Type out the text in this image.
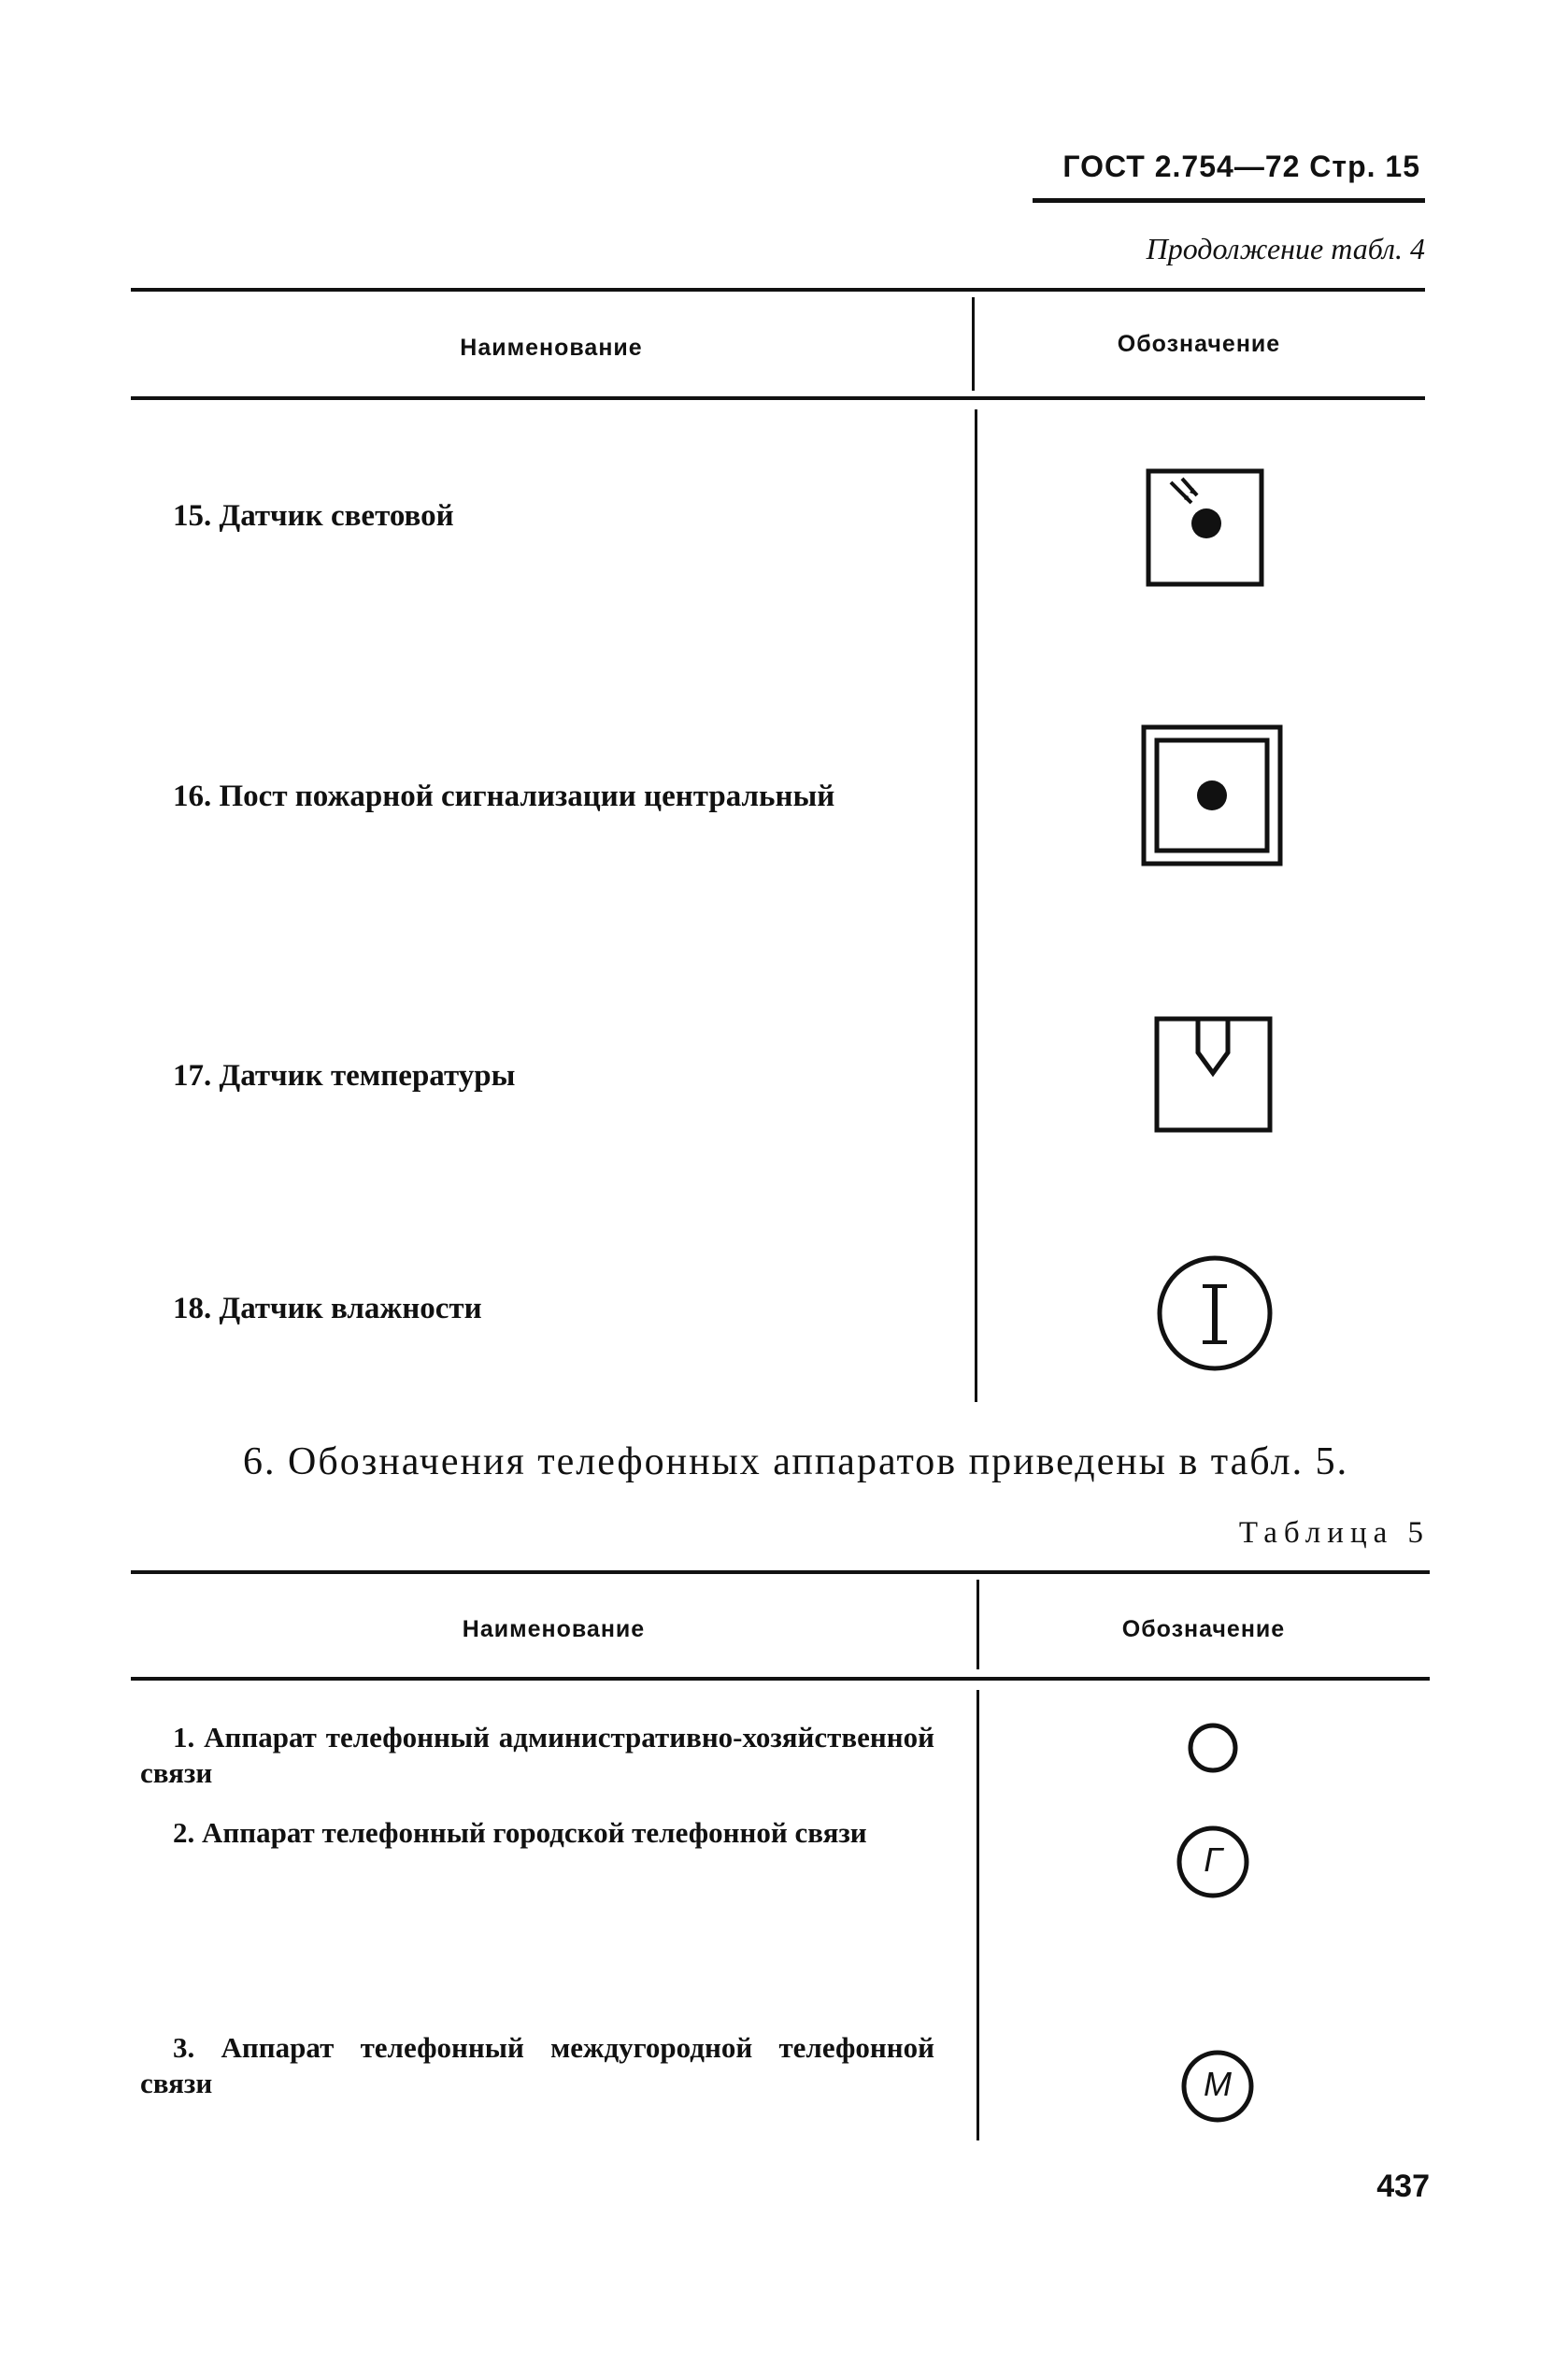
ГОСТ 2.754—72 Стр. 15
Продолжение табл. 4
Наименование	Обозначение
15. Датчик световой
16. Пост пожарной сигнализации центральный
17. Датчик температуры
18. Датчик влажности
6. Обозначения телефонных аппаратов приведены в табл. 5.
Таблица 5
Наименование	Обозначение
1. Аппарат телефонный административно-хозяйственной связи
2. Аппарат телефонный городской телефонной связи
3. Аппарат телефонный междугородной телефонной связи
Г
М
437
